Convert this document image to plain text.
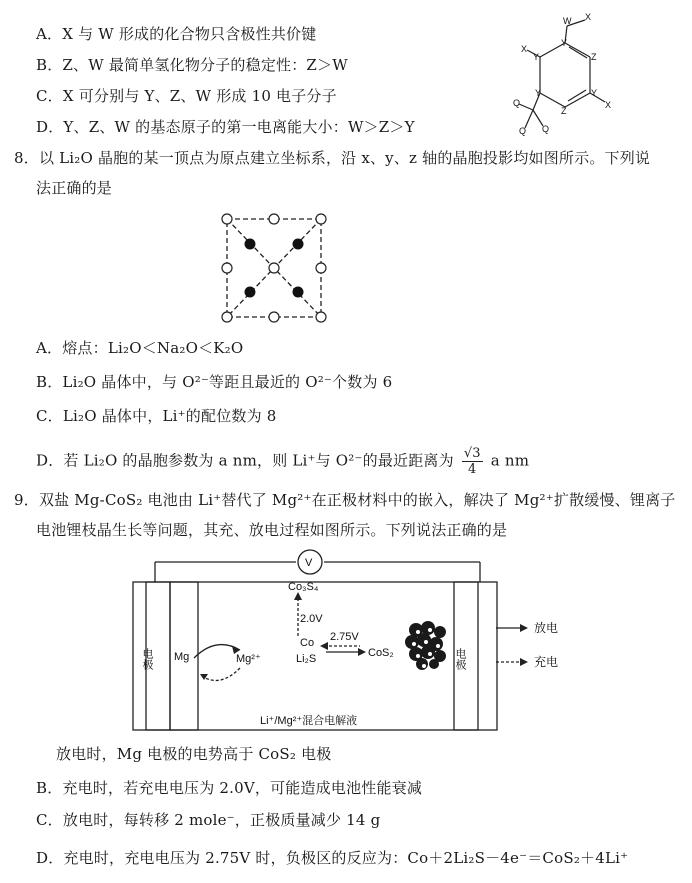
A．X 与 W 形成的化合物只含极性共价键
B．Z、W 最简单氢化物分子的稳定性：Z＞W
C．X 可分别与 Y、Z、W 形成 10 电子分子
D．Y、Z、W 的基态原子的第一电离能大小：W＞Z＞Y
Y
W X
Z
Y
X
Z
Y
X
Y
Q
Q Q
8．以 Li₂O 晶胞的某一顶点为原点建立坐标系，沿 x、y、z 轴的晶胞投影均如图所示。下列说
法正确的是
A．熔点：Li₂O＜Na₂O＜K₂O
B．Li₂O 晶体中，与 O²⁻等距且最近的 O²⁻个数为 6
C．Li₂O 晶体中，Li⁺的配位数为 8
D．若 Li₂O 的晶胞参数为 a nm，则 Li⁺与 O²⁻的最近距离为 $\frac{√3}{4}$ a nm
9．双盐 Mg-CoS₂ 电池由 Li⁺替代了 Mg²⁺在正极材料中的嵌入，解决了 Mg²⁺扩散缓慢、锂离子
电池锂枝晶生长等问题，其充、放电过程如图所示。下列说法正确的是
V
电极	电极
Mg	Mg²⁺
Co₃S₄
2.0V
Co
Li₂S
2.75V
CoS₂
Li⁺/Mg²⁺混合电解液
放电
充电
放电时，Mg 电极的电势高于 CoS₂ 电极
B．充电时，若充电电压为 2.0V，可能造成电池性能衰减
C．放电时，每转移 2 mole⁻，正极质量减少 14 g
D．充电时，充电电压为 2.75V 时，负极区的反应为：Co＋2Li₂S－4e⁻＝CoS₂＋4Li⁺
